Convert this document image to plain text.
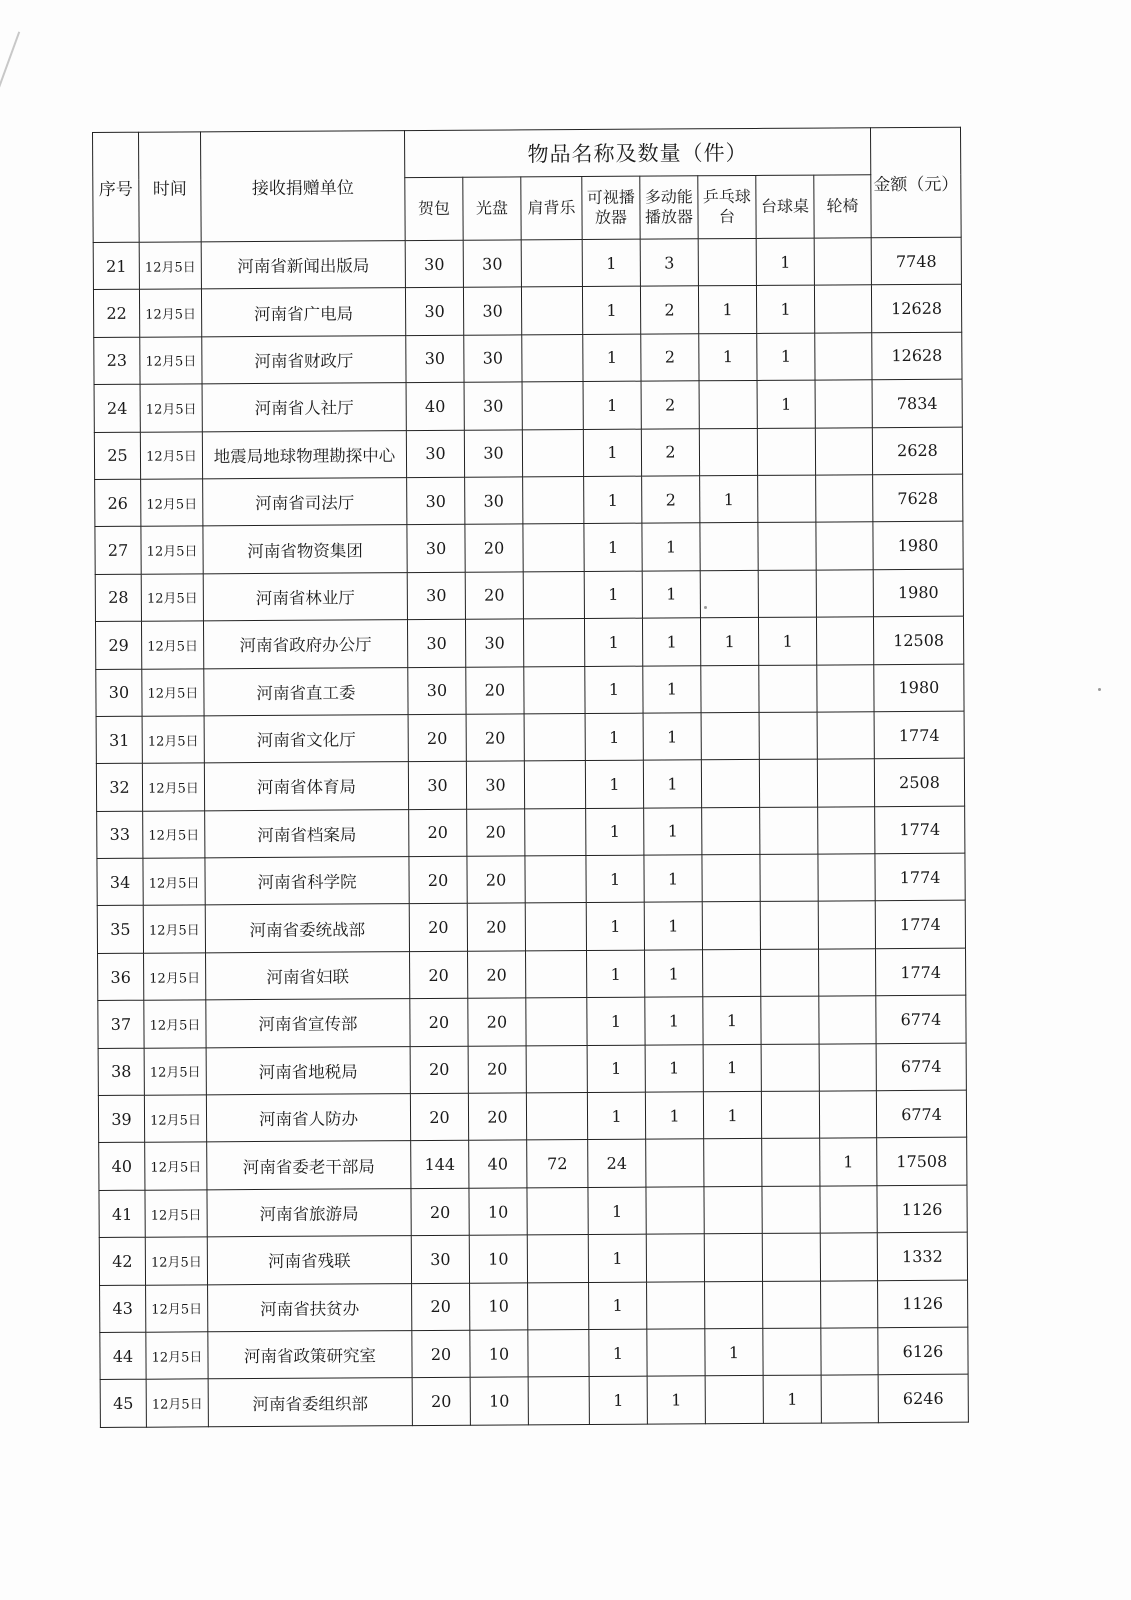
序号	时间	接收捐赠单位	物品名称及数量（件）								金额（元）
			贺包	光盘	肩背乐	可视播放器	多动能播放器	乒乓球台	台球桌	轮椅	
21	12月5日	河南省新闻出版局	30	30		1	3		1		7748
22	12月5日	河南省广电局	30	30		1	2	1	1		12628
23	12月5日	河南省财政厅	30	30		1	2	1	1		12628
24	12月5日	河南省人社厅	40	30		1	2		1		7834
25	12月5日	地震局地球物理勘探中心	30	30		1	2				2628
26	12月5日	河南省司法厅	30	30		1	2	1			7628
27	12月5日	河南省物资集团	30	20		1	1				1980
28	12月5日	河南省林业厅	30	20		1	1				1980
29	12月5日	河南省政府办公厅	30	30		1	1	1	1		12508
30	12月5日	河南省直工委	30	20		1	1				1980
31	12月5日	河南省文化厅	20	20		1	1				1774
32	12月5日	河南省体育局	30	30		1	1				2508
33	12月5日	河南省档案局	20	20		1	1				1774
34	12月5日	河南省科学院	20	20		1	1				1774
35	12月5日	河南省委统战部	20	20		1	1				1774
36	12月5日	河南省妇联	20	20		1	1				1774
37	12月5日	河南省宣传部	20	20		1	1	1			6774
38	12月5日	河南省地税局	20	20		1	1	1			6774
39	12月5日	河南省人防办	20	20		1	1	1			6774
40	12月5日	河南省委老干部局	144	40	72	24				1	17508
41	12月5日	河南省旅游局	20	10		1					1126
42	12月5日	河南省残联	30	10		1					1332
43	12月5日	河南省扶贫办	20	10		1					1126
44	12月5日	河南省政策研究室	20	10		1		1			6126
45	12月5日	河南省委组织部	20	10		1	1		1		6246
